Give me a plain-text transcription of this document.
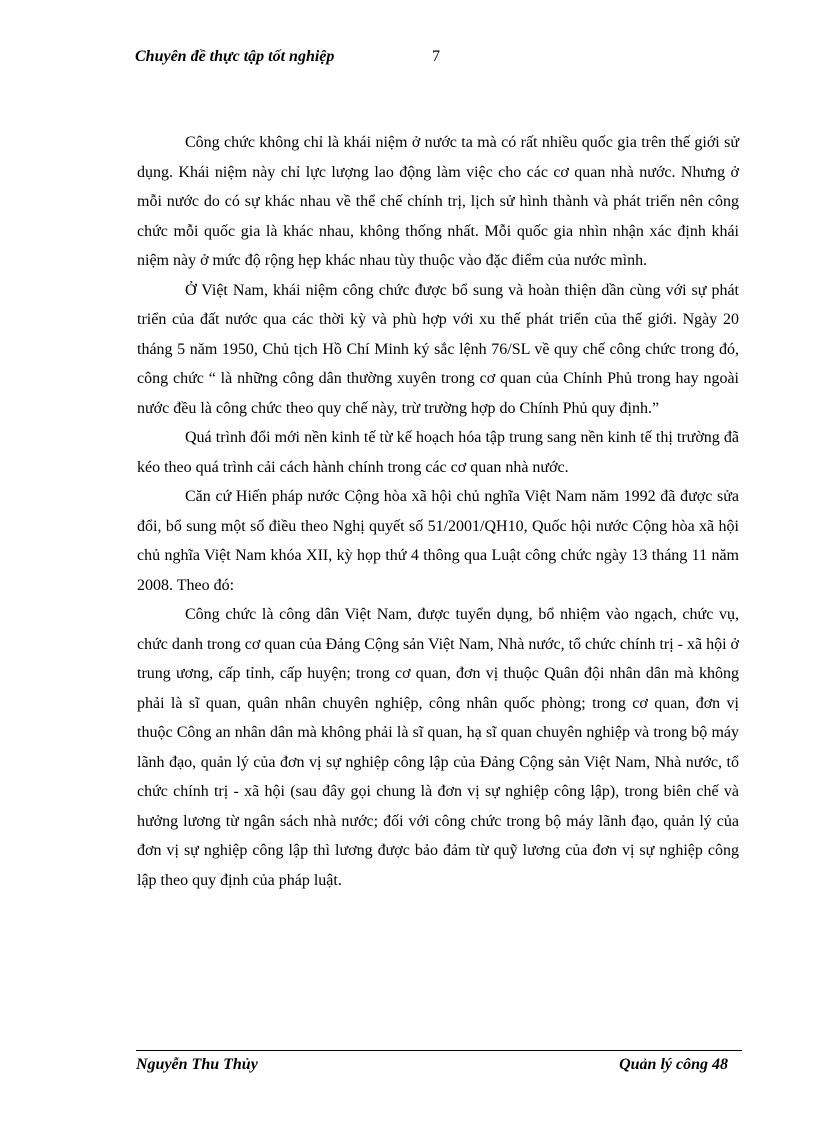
Chuyên đề thực tập tốt nghiệp	7

Công chức không chỉ là khái niệm ở nước ta mà có rất nhiều quốc gia trên thế giới sử dụng. Khái niệm này chỉ lực lượng lao động làm việc cho các cơ quan nhà nước. Nhưng ở mỗi nước do có sự khác nhau về thể chế chính trị, lịch sử hình thành và phát triển nên công chức mỗi quốc gia là khác nhau, không thống nhất. Mỗi quốc gia nhìn nhận xác định khái niệm này ở mức độ rộng hẹp khác nhau tùy thuộc vào đặc điểm của nước mình.

Ở Việt Nam, khái niệm công chức được bổ sung và hoàn thiện dần cùng với sự phát triển của đất nước qua các thời kỳ và phù hợp với xu thế phát triển của thế giới. Ngày 20 tháng 5 năm 1950, Chủ tịch Hồ Chí Minh ký sắc lệnh 76/SL về quy chế công chức trong đó, công chức “ là những công dân thường xuyên trong cơ quan của Chính Phủ trong hay ngoài nước đều là công chức theo quy chế này, trừ trường hợp do Chính Phủ quy định.”

Quá trình đổi mới nền kinh tế từ kế hoạch hóa tập trung sang nền kinh tế thị trường đã kéo theo quá trình cải cách hành chính trong các cơ quan nhà nước.

Căn cứ Hiến pháp nước Cộng hòa xã hội chủ nghĩa Việt Nam năm 1992 đã được sửa đổi, bổ sung một số điều theo Nghị quyết số 51/2001/QH10, Quốc hội nước Cộng hòa xã hội chủ nghĩa Việt Nam khóa XII, kỳ họp thứ 4 thông qua Luật công chức ngày 13 tháng 11 năm 2008. Theo đó:

Công chức là công dân Việt Nam, được tuyển dụng, bổ nhiệm vào ngạch, chức vụ, chức danh trong cơ quan của Đảng Cộng sản Việt Nam, Nhà nước, tổ chức chính trị - xã hội ở trung ương, cấp tỉnh, cấp huyện; trong cơ quan, đơn vị thuộc Quân đội nhân dân mà không phải là sĩ quan, quân nhân chuyên nghiệp, công nhân quốc phòng; trong cơ quan, đơn vị thuộc Công an nhân dân mà không phải là sĩ quan, hạ sĩ quan chuyên nghiệp và trong bộ máy lãnh đạo, quản lý của đơn vị sự nghiệp công lập của Đảng Cộng sản Việt Nam, Nhà nước, tổ chức chính trị - xã hội (sau đây gọi chung là đơn vị sự nghiệp công lập), trong biên chế và hưởng lương từ ngân sách nhà nước; đối với công chức trong bộ máy lãnh đạo, quản lý của đơn vị sự nghiệp công lập thì lương được bảo đảm từ quỹ lương của đơn vị sự nghiệp công lập theo quy định của pháp luật.

Nguyễn Thu Thủy	Quản lý công 48
